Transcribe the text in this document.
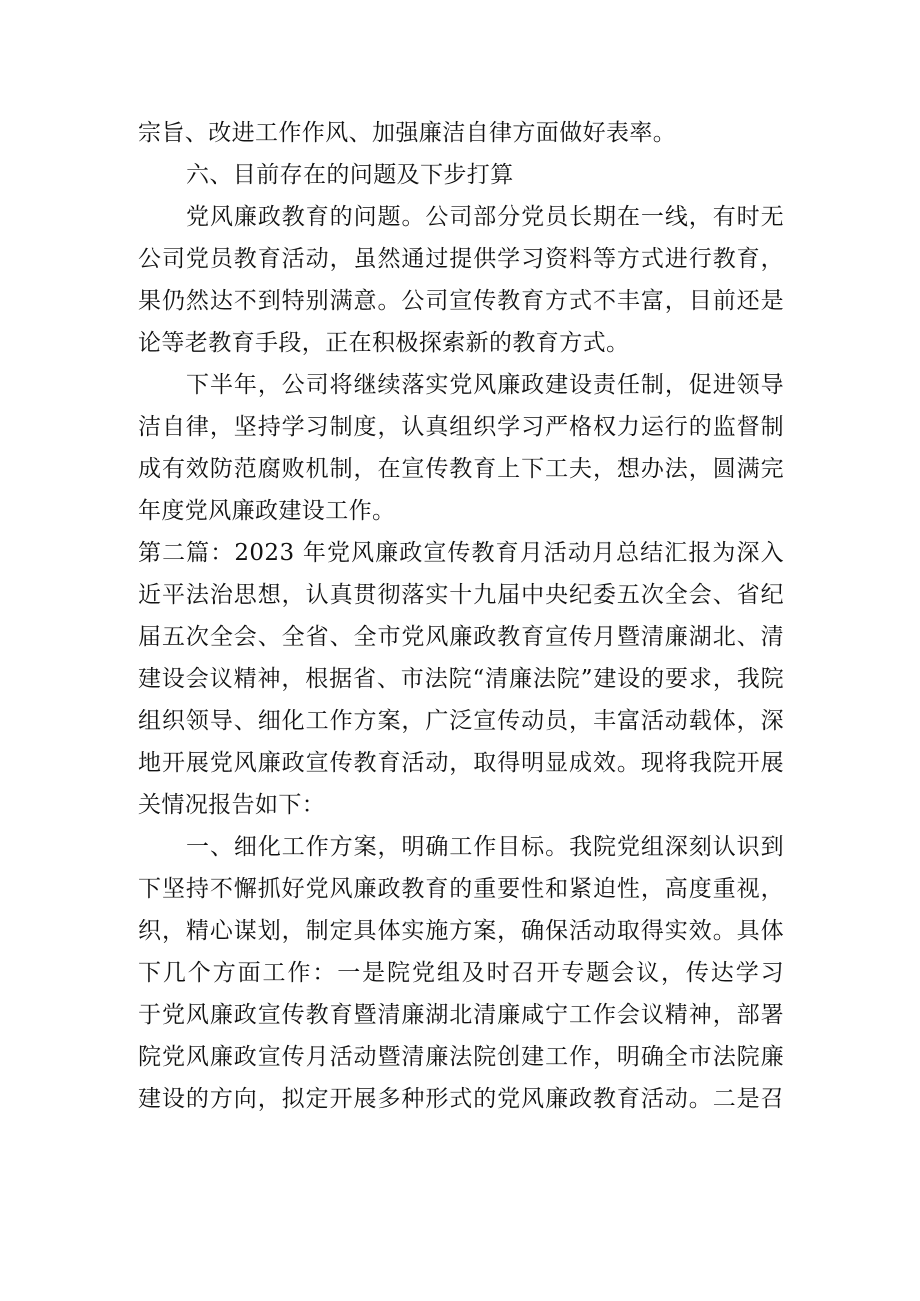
宗旨、改进工作作风、加强廉洁自律方面做好表率。
六、目前存在的问题及下步打算
党风廉政教育的问题。公司部分党员长期在一线，有时无
公司党员教育活动，虽然通过提供学习资料等方式进行教育，
果仍然达不到特别满意。公司宣传教育方式不丰富，目前还是
论等老教育手段，正在积极探索新的教育方式。
下半年，公司将继续落实党风廉政建设责任制，促进领导
洁自律，坚持学习制度，认真组织学习严格权力运行的监督制
成有效防范腐败机制，在宣传教育上下工夫，想办法，圆满完
年度党风廉政建设工作。
第二篇：2023 年党风廉政宣传教育月活动月总结汇报为深入
近平法治思想，认真贯彻落实十九届中央纪委五次全会、省纪
届五次全会、全省、全市党风廉政教育宣传月暨清廉湖北、清
建设会议精神，根据省、市法院“清廉法院”建设的要求，我院
组织领导、细化工作方案，广泛宣传动员，丰富活动载体，深
地开展党风廉政宣传教育活动，取得明显成效。现将我院开展
关情况报告如下：
一、细化工作方案，明确工作目标。我院党组深刻认识到
下坚持不懈抓好党风廉政教育的重要性和紧迫性，高度重视，
织，精心谋划，制定具体实施方案，确保活动取得实效。具体
下几个方面工作：一是院党组及时召开专题会议，传达学习
于党风廉政宣传教育暨清廉湖北清廉咸宁工作会议精神，部署
院党风廉政宣传月活动暨清廉法院创建工作，明确全市法院廉
建设的方向，拟定开展多种形式的党风廉政教育活动。二是召
